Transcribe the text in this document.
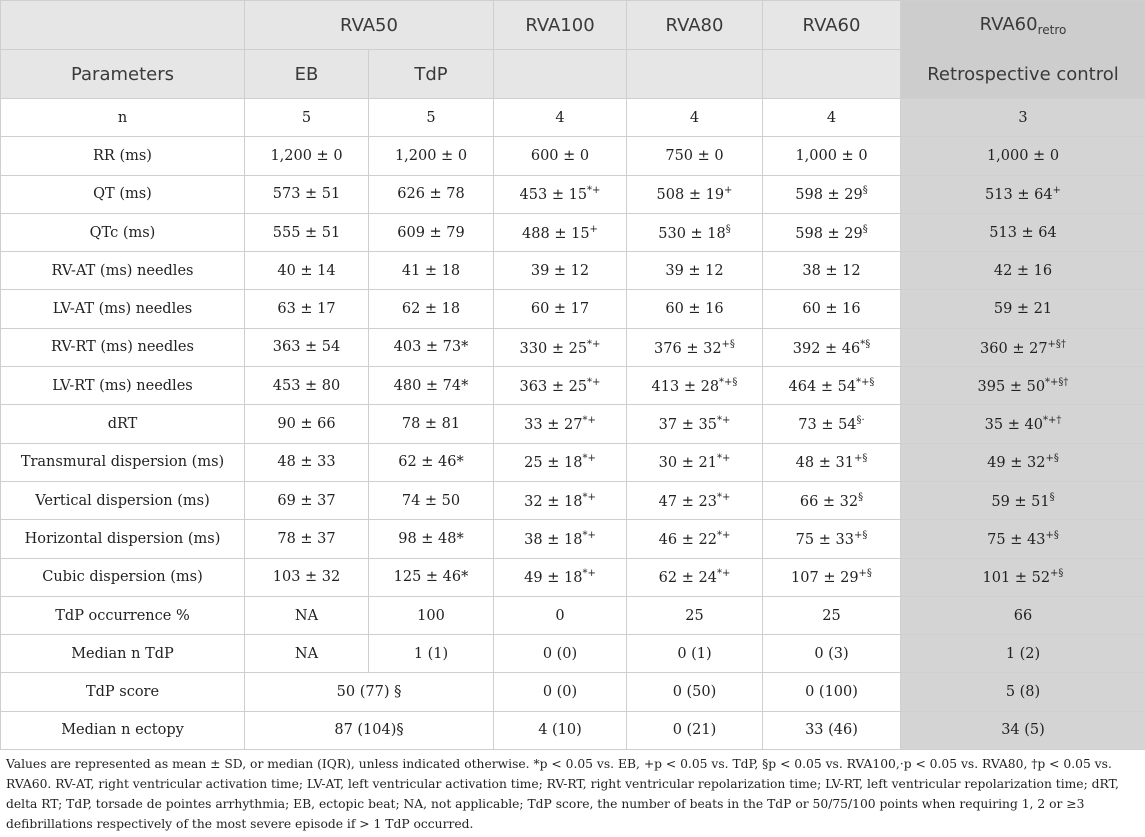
	RVA50		RVA100	RVA80	RVA60	$RVA60_{retro}$
Parameters	EB	TdP				Retrospective control
n	5	5	4	4	4	3
RR (ms)	1,200 ± 0	1,200 ± 0	600 ± 0	750 ± 0	1,000 ± 0	1,000 ± 0
QT (ms)	573 ± 51	626 ± 78	453 ± 15*+	508 ± 19+	598 ± 29§	513 ± 64+
QTc (ms)	555 ± 51	609 ± 79	488 ± 15+	530 ± 18§	598 ± 29§	513 ± 64
RV-AT (ms) needles	40 ± 14	41 ± 18	39 ± 12	39 ± 12	38 ± 12	42 ± 16
LV-AT (ms) needles	63 ± 17	62 ± 18	60 ± 17	60 ± 16	60 ± 16	59 ± 21
RV-RT (ms) needles	363 ± 54	403 ± 73*	330 ± 25*+	376 ± 32+§	392 ± 46*§	360 ± 27+§†
LV-RT (ms) needles	453 ± 80	480 ± 74*	363 ± 25*+	413 ± 28*+§	464 ± 54*+§	395 ± 50*+§†
dRT	90 ± 66	78 ± 81	33 ± 27*+	37 ± 35*+	73 ± 54§·	35 ± 40*+†
Transmural dispersion (ms)	48 ± 33	62 ± 46*	25 ± 18*+	30 ± 21*+	48 ± 31+§	49 ± 32+§
Vertical dispersion (ms)	69 ± 37	74 ± 50	32 ± 18*+	47 ± 23*+	66 ± 32§	59 ± 51§
Horizontal dispersion (ms)	78 ± 37	98 ± 48*	38 ± 18*+	46 ± 22*+	75 ± 33+§	75 ± 43+§
Cubic dispersion (ms)	103 ± 32	125 ± 46*	49 ± 18*+	62 ± 24*+	107 ± 29+§	101 ± 52+§
TdP occurrence %	NA	100	0	25	25	66
Median n TdP	NA	1 (1)	0 (0)	0 (1)	0 (3)	1 (2)
TdP score	50 (77) §		0 (0)	0 (50)	0 (100)	5 (8)
Median n ectopy	87 (104)§		4 (10)	0 (21)	33 (46)	34 (5)
Values are represented as mean ± SD, or median (IQR), unless indicated otherwise. *p < 0.05 vs. EB, +p < 0.05 vs. TdP, §p < 0.05 vs. RVA100,·p < 0.05 vs. RVA80, †p < 0.05 vs. RVA60. RV-AT, right ventricular activation time; LV-AT, left ventricular activation time; RV-RT, right ventricular repolarization time; LV-RT, left ventricular repolarization time; dRT, delta RT; TdP, torsade de pointes arrhythmia; EB, ectopic beat; NA, not applicable; TdP score, the number of beats in the TdP or 50/75/100 points when requiring 1, 2 or ≥3 defibrillations respectively of the most severe episode if > 1 TdP occurred.
